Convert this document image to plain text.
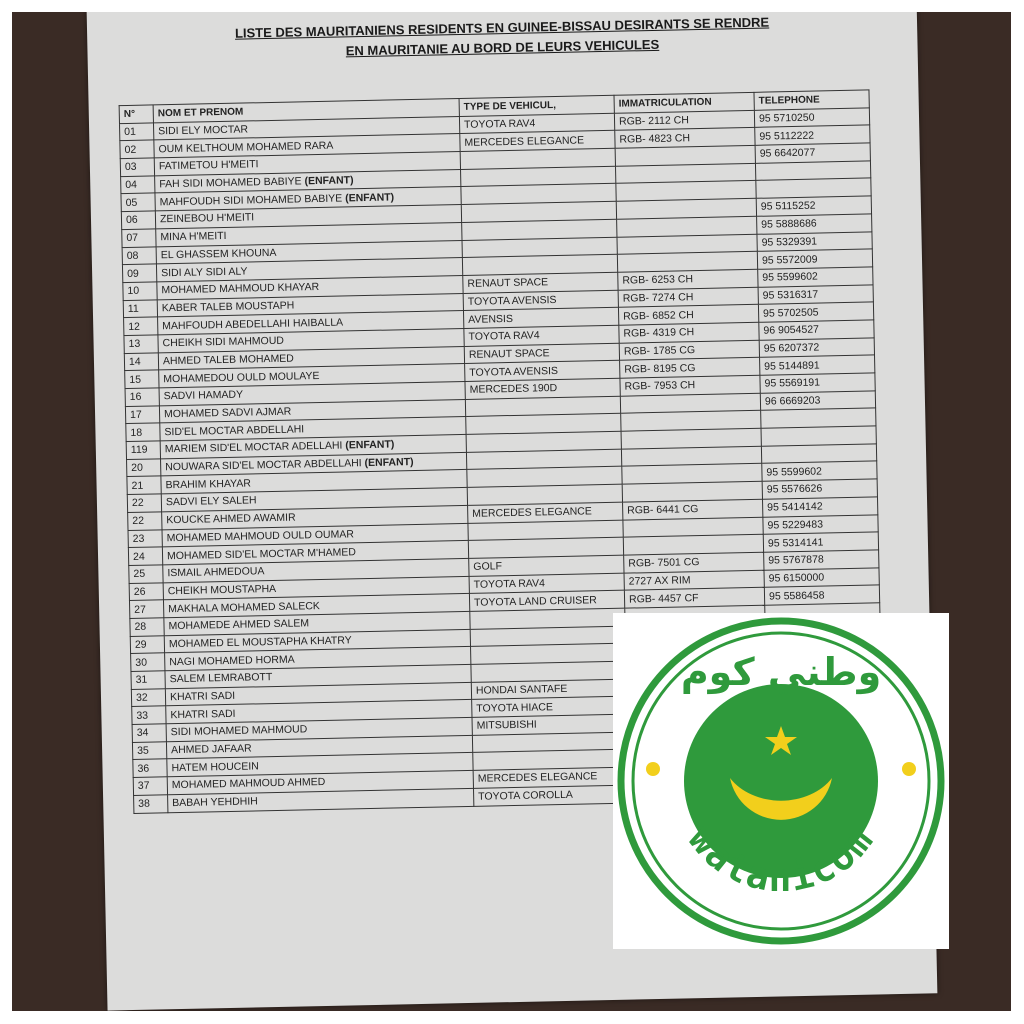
LISTE DES MAURITANIENS RESIDENTS EN GUINEE-BISSAU DESIRANTS SE RENDRE
EN MAURITANIE AU BORD DE LEURS VEHICULES
N°	NOM ET PRENOM	TYPE DE VEHICUL,	IMMATRICULATION	TELEPHONE
01	SIDI ELY MOCTAR	TOYOTA RAV4	RGB- 2112 CH	95 5710250
02	OUM KELTHOUM MOHAMED RARA	MERCEDES ELEGANCE	RGB- 4823 CH	95 5112222
03	FATIMETOU H'MEITI			95 6642077
04	FAH SIDI MOHAMED BABIYE (ENFANT)			
05	MAHFOUDH SIDI MOHAMED BABIYE (ENFANT)			
06	ZEINEBOU H'MEITI			95 5115252
07	MINA H'MEITI			95 5888686
08	EL GHASSEM KHOUNA			95 5329391
09	SIDI ALY SIDI ALY			95 5572009
10	MOHAMED MAHMOUD KHAYAR	RENAUT SPACE	RGB- 6253 CH	95 5599602
11	KABER TALEB MOUSTAPH	TOYOTA AVENSIS	RGB- 7274 CH	95 5316317
12	MAHFOUDH ABEDELLAHI HAIBALLA	AVENSIS	RGB- 6852 CH	95 5702505
13	CHEIKH SIDI MAHMOUD	TOYOTA RAV4	RGB- 4319 CH	96 9054527
14	AHMED TALEB MOHAMED	RENAUT SPACE	RGB- 1785 CG	95 6207372
15	MOHAMEDOU OULD MOULAYE	TOYOTA AVENSIS	RGB- 8195 CG	95 5144891
16	SADVI HAMADY	MERCEDES 190D	RGB- 7953 CH	95 5569191
17	MOHAMED SADVI AJMAR			96 6669203
18	SID'EL MOCTAR ABDELLAHI			
119	MARIEM SID'EL MOCTAR ADELLAHI (ENFANT)			
20	NOUWARA SID'EL MOCTAR ABDELLAHI (ENFANT)			
21	BRAHIM KHAYAR			95 5599602
22	SADVI ELY SALEH			95 5576626
22	KOUCKE AHMED AWAMIR	MERCEDES ELEGANCE	RGB- 6441 CG	95 5414142
23	MOHAMED MAHMOUD OULD OUMAR			95 5229483
24	MOHAMED SID'EL MOCTAR M'HAMED			95 5314141
25	ISMAIL AHMEDOUA	GOLF	RGB- 7501 CG	95 5767878
26	CHEIKH MOUSTAPHA	TOYOTA RAV4	2727 AX RIM	95 6150000
27	MAKHALA MOHAMED SALECK	TOYOTA LAND CRUISER	RGB- 4457 CF	95 5586458
28	MOHAMEDE AHMED SALEM			
29	MOHAMED EL MOUSTAPHA KHATRY			
30	NAGI MOHAMED HORMA			
31	SALEM LEMRABOTT			
32	KHATRI SADI	HONDAI SANTAFE		
33	KHATRI SADI	TOYOTA HIACE		
34	SIDI MOHAMED MAHMOUD	MITSUBISHI		
35	AHMED JAFAAR			
36	HATEM HOUCEIN			
37	MOHAMED MAHMOUD AHMED	MERCEDES ELEGANCE		
38	BABAH YEHDHIH	TOYOTA COROLLA		
وطني كوم
watanicom
